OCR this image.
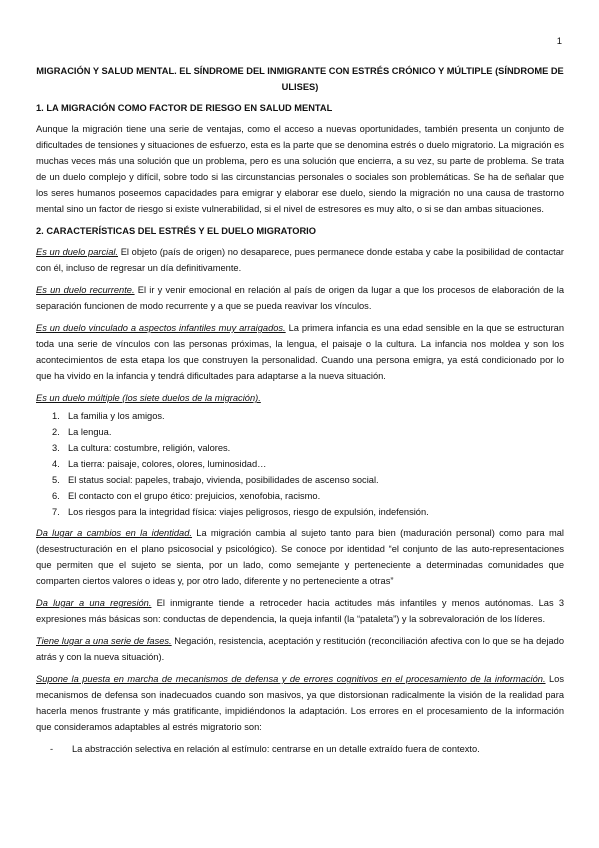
1
MIGRACIÓN Y SALUD MENTAL. EL SÍNDROME DEL INMIGRANTE CON ESTRÉS CRÓNICO Y MÚLTIPLE (SÍNDROME DE ULISES)
1. LA MIGRACIÓN COMO FACTOR DE RIESGO EN SALUD MENTAL

Aunque la migración tiene una serie de ventajas, como el acceso a nuevas oportunidades, también presenta un conjunto de dificultades de tensiones y situaciones de esfuerzo, esta es la parte que se denomina estrés o duelo migratorio. La migración es muchas veces más una solución que un problema, pero es una solución que encierra, a su vez, su parte de problema. Se trata de un duelo complejo y difícil, sobre todo si las circunstancias personales o sociales son problemáticas. Se ha de señalar que los seres humanos poseemos capacidades para emigrar y elaborar ese duelo, siendo la migración no una causa de trastorno mental sino un factor de riesgo si existe vulnerabilidad, si el nivel de estresores es muy alto, o si se dan ambas situaciones.

2. CARACTERÍSTICAS DEL ESTRÉS Y EL DUELO MIGRATORIO

Es un duelo parcial. El objeto (país de origen) no desaparece, pues permanece donde estaba y cabe la posibilidad de contactar con él, incluso de regresar un día definitivamente.

Es un duelo recurrente. El ir y venir emocional en relación al país de origen da lugar a que los procesos de elaboración de la separación funcionen de modo recurrente y a que se pueda reavivar los vínculos.

Es un duelo vinculado a aspectos infantiles muy arraigados. La primera infancia es una edad sensible en la que se estructuran toda una serie de vínculos con las personas próximas, la lengua, el paisaje o la cultura. La infancia nos moldea y son los acontecimientos de esta etapa los que construyen la personalidad. Cuando una persona emigra, ya está condicionado por lo que ha vivido en la infancia y tendrá dificultades para adaptarse a la nueva situación.

Es un duelo múltiple (los siete duelos de la migración).

1. La familia y los amigos.
2. La lengua.
3. La cultura: costumbre, religión, valores.
4. La tierra: paisaje, colores, olores, luminosidad…
5. El status social: papeles, trabajo, vivienda, posibilidades de ascenso social.
6. El contacto con el grupo ético: prejuicios, xenofobia, racismo.
7. Los riesgos para la integridad física: viajes peligrosos, riesgo de expulsión, indefensión.

Da lugar a cambios en la identidad. La migración cambia al sujeto tanto para bien (maduración personal) como para mal (desestructuración en el plano psicosocial y psicológico). Se conoce por identidad “el conjunto de las auto-representaciones que permiten que el sujeto se sienta, por un lado, como semejante y perteneciente a determinadas comunidades que comparten ciertos valores o ideas y, por otro lado, diferente y no perteneciente a otras”

Da lugar a una regresión. El inmigrante tiende a retroceder hacia actitudes más infantiles y menos autónomas. Las 3 expresiones más básicas son: conductas de dependencia, la queja infantil (la “pataleta”) y la sobrevaloración de los líderes.

Tiene lugar a una serie de fases. Negación, resistencia, aceptación y restitución (reconciliación afectiva con lo que se ha dejado atrás y con la nueva situación).

Supone la puesta en marcha de mecanismos de defensa y de errores cognitivos en el procesamiento de la información. Los mecanismos de defensa son inadecuados cuando son masivos, ya que distorsionan radicalmente la visión de la realidad para hacerla menos frustrante y más gratificante, impidiéndonos la adaptación. Los errores en el procesamiento de la información que consideramos adaptables al estrés migratorio son:

-	La abstracción selectiva en relación al estímulo: centrarse en un detalle extraído fuera de contexto.
